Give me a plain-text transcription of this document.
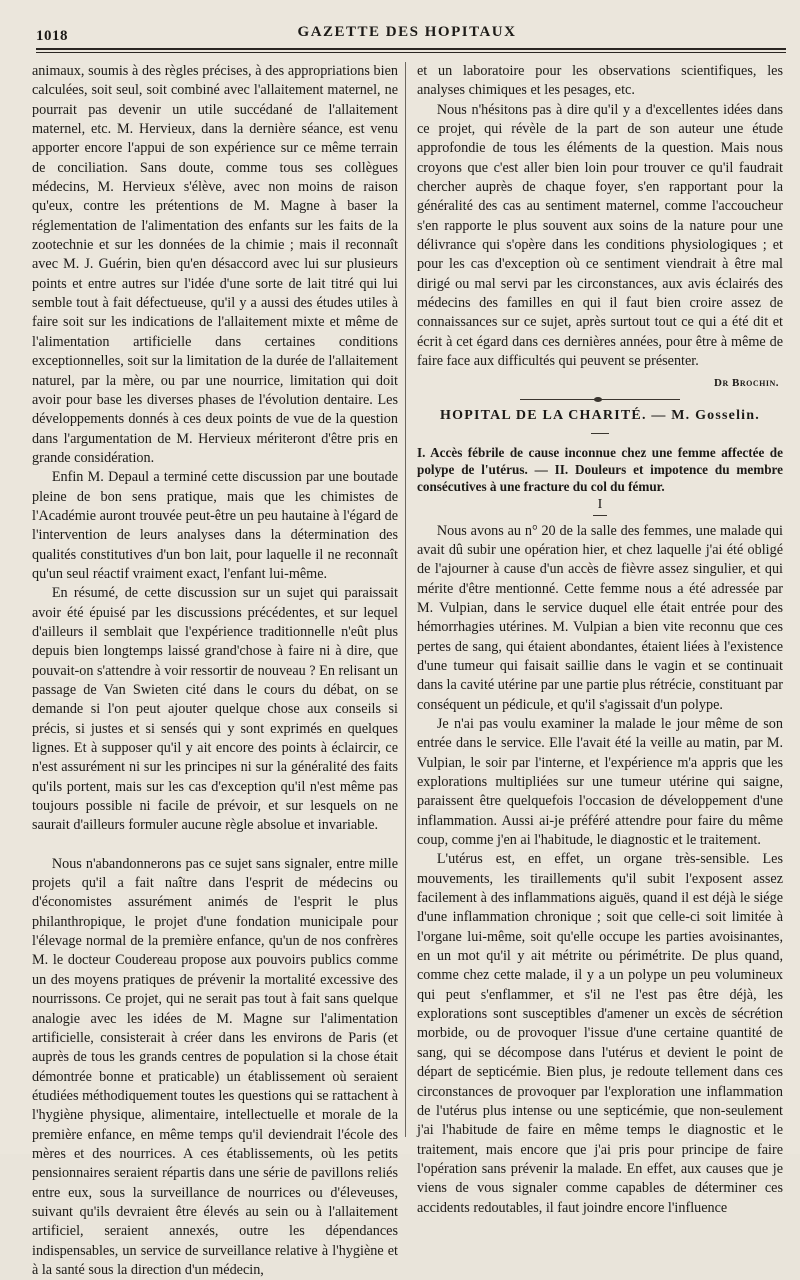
1018	GAZETTE DES HOPITAUX

animaux, soumis à des règles précises, à des appropriations bien calculées, soit seul, soit combiné avec l'allaitement maternel, ne pourrait pas devenir un utile succédané de l'allaitement maternel, etc. M. Hervieux, dans la dernière séance, est venu apporter encore l'appui de son expérience sur ce même terrain de conciliation. Sans doute, comme tous ses collègues médecins, M. Hervieux s'élève, avec non moins de raison qu'eux, contre les prétentions de M. Magne à baser la réglementation de l'alimentation des enfants sur les faits de la zootechnie et sur les données de la chimie ; mais il reconnaît avec M. J. Guérin, bien qu'en désaccord avec lui sur plusieurs points et entre autres sur l'idée d'une sorte de lait titré qui lui semble tout à fait défectueuse, qu'il y a aussi des études utiles à faire soit sur les indications de l'allaitement mixte et même de l'alimentation artificielle dans certaines conditions exceptionnelles, soit sur la limitation de la durée de l'allaitement naturel, par la mère, ou par une nourrice, limitation qui doit avoir pour base les diverses phases de l'évolution dentaire. Les développements donnés à ces deux points de vue de la question dans l'argumentation de M. Hervieux mériteront d'être pris en grande considération.

Enfin M. Depaul a terminé cette discussion par une boutade pleine de bon sens pratique, mais que les chimistes de l'Académie auront trouvée peut-être un peu hautaine à l'égard de l'intervention de leurs analyses dans la détermination des qualités constitutives d'un bon lait, pour laquelle il ne reconnaît qu'un seul réactif vraiment exact, l'enfant lui-même.

En résumé, de cette discussion sur un sujet qui paraissait avoir été épuisé par les discussions précédentes, et sur lequel d'ailleurs il semblait que l'expérience traditionnelle n'eût plus depuis bien longtemps laissé grand'chose à faire ni à dire, que pouvait-on s'attendre à voir ressortir de nouveau ? En relisant un passage de Van Swieten cité dans le cours du débat, on se demande si l'on peut ajouter quelque chose aux conseils si précis, si justes et si sensés qui y sont exprimés en quelques lignes. Et à supposer qu'il y ait encore des points à éclaircir, ce n'est assurément ni sur les principes ni sur la généralité des faits qu'ils portent, mais sur les cas d'exception qu'il n'est même pas toujours possible ni facile de prévoir, et sur lesquels on ne saurait d'ailleurs formuler aucune règle absolue et invariable.

Nous n'abandonnerons pas ce sujet sans signaler, entre mille projets qu'il a fait naître dans l'esprit de médecins ou d'économistes assurément animés de l'esprit le plus philanthropique, le projet d'une fondation municipale pour l'élevage normal de la première enfance, qu'un de nos confrères M. le docteur Coudereau propose aux pouvoirs publics comme un des moyens pratiques de prévenir la mortalité excessive des nourrissons. Ce projet, qui ne serait pas tout à fait sans quelque analogie avec les idées de M. Magne sur l'alimentation artificielle, consisterait à créer dans les environs de Paris (et auprès de tous les grands centres de population si la chose était démontrée bonne et praticable) un établissement où seraient étudiées méthodiquement toutes les questions qui se rattachent à l'hygiène physique, alimentaire, intellectuelle et morale de la première enfance, en même temps qu'il deviendrait l'école des mères et des nourrices. A ces établissements, où les petits pensionnaires seraient répartis dans une série de pavillons reliés entre eux, sous la surveillance de nourrices ou d'éleveuses, suivant qu'ils devraient être élevés au sein ou à l'allaitement artificiel, seraient annexés, outre les dépendances indispensables, un service de surveillance relative à l'hygiène et à la santé sous la direction d'un médecin,

et un laboratoire pour les observations scientifiques, les analyses chimiques et les pesages, etc.

Nous n'hésitons pas à dire qu'il y a d'excellentes idées dans ce projet, qui révèle de la part de son auteur une étude approfondie de tous les éléments de la question. Mais nous croyons que c'est aller bien loin pour trouver ce qu'il faudrait chercher auprès de chaque foyer, s'en rapportant pour la généralité des cas au sentiment maternel, comme l'accoucheur s'en rapporte le plus souvent aux soins de la nature pour une délivrance qui s'opère dans les conditions physiologiques ; et pour les cas d'exception où ce sentiment viendrait à être mal dirigé ou mal servi par les circonstances, aux avis éclairés des médecins des familles en qui il faut bien croire assez de connaissances sur ce sujet, après surtout tout ce qui a été dit et écrit à cet égard dans ces dernières années, pour être à même de faire face aux difficultés qui peuvent se présenter.

Dr Brochin.
HOPITAL DE LA CHARITÉ. — M. Gosselin.

I. Accès fébrile de cause inconnue chez une femme affectée de polype de l'utérus. — II. Douleurs et impotence du membre consécutives à une fracture du col du fémur.

I

Nous avons au n° 20 de la salle des femmes, une malade qui avait dû subir une opération hier, et chez laquelle j'ai été obligé de l'ajourner à cause d'un accès de fièvre assez singulier, et qui mérite d'être mentionné. Cette femme nous a été adressée par M. Vulpian, dans le service duquel elle était entrée pour des hémorrhagies utérines. M. Vulpian a bien vite reconnu que ces pertes de sang, qui étaient abondantes, étaient liées à l'existence d'une tumeur qui faisait saillie dans le vagin et se continuait dans la cavité utérine par une partie plus rétrécie, constituant par conséquent un pédicule, et qu'il s'agissait d'un polype.

Je n'ai pas voulu examiner la malade le jour même de son entrée dans le service. Elle l'avait été la veille au matin, par M. Vulpian, le soir par l'interne, et l'expérience m'a appris que les explorations multipliées sur une tumeur utérine qui saigne, paraissent être quelquefois l'occasion de développement d'une inflammation. Aussi ai-je préféré attendre pour faire du même coup, comme j'en ai l'habitude, le diagnostic et le traitement.

L'utérus est, en effet, un organe très-sensible. Les mouvements, les tiraillements qu'il subit l'exposent assez facilement à des inflammations aiguës, quand il est déjà le siége d'une inflammation chronique ; soit que celle-ci soit limitée à l'organe lui-même, soit qu'elle occupe les parties avoisinantes, en un mot qu'il y ait métrite ou périmétrite. De plus quand, comme chez cette malade, il y a un polype un peu volumineux qui peut s'enflammer, et s'il ne l'est pas être déjà, les explorations sont susceptibles d'amener un excès de sécrétion morbide, ou de provoquer l'issue d'une certaine quantité de sang, qui se décompose dans l'utérus et devient le point de départ de septicémie. Bien plus, je redoute tellement dans ces circonstances de provoquer par l'exploration une inflammation de l'utérus plus intense ou une septicémie, que non-seulement j'ai l'habitude de faire en même temps le diagnostic et le traitement, mais encore que j'ai pris pour principe de faire l'opération sans prévenir la malade. En effet, aux causes que je viens de vous signaler comme capables de déterminer ces accidents redoutables, il faut joindre encore l'influence
